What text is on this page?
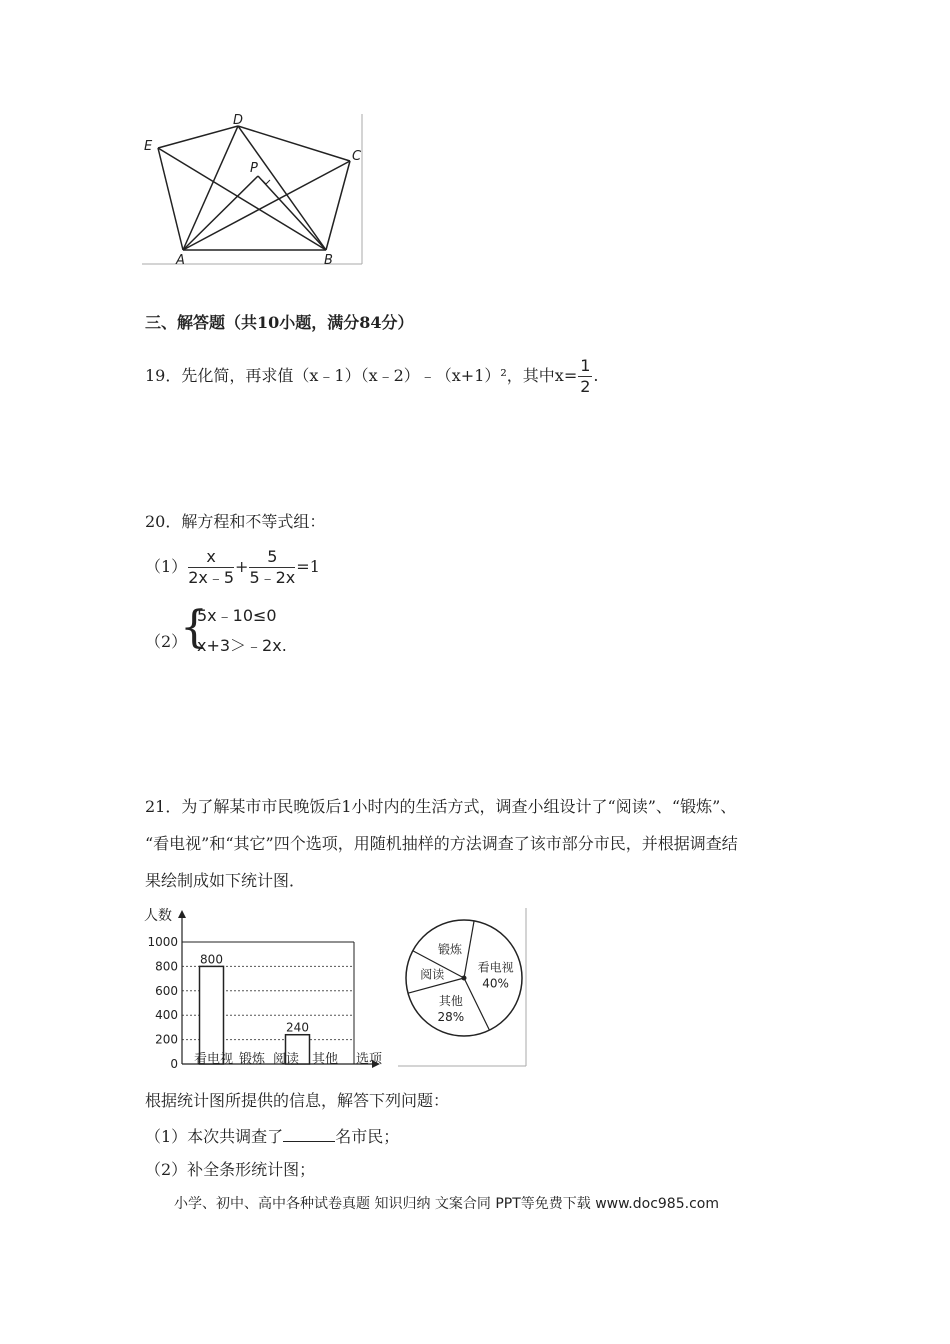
A	B
C
D
E
P
三、解答题（共10小题，满分84分）
19．先化简，再求值（x﹣1）（x﹣2）﹣（x+1）²，其中$x= \frac{1}{2}$ .
20．解方程和不等式组：
$(1) \frac{x}{2x﹣5} + \frac{5}{5﹣2x} =1$
（2）
{
5x﹣10≤0
x+3＞﹣2x.
21．为了解某市市民晚饭后1小时内的生活方式，调查小组设计了“阅读”、“锻炼”、
“看电视”和“其它”四个选项，用随机抽样的方法调查了该市部分市民，并根据调查结
果绘制成如下统计图．
人数
0
200
400
600
800
1000
800
240
看电视 锻炼 阅读 其他 选项
看电视
40%
其他
28%
阅读
锻炼
根据统计图所提供的信息，解答下列问题：
（1）本次共调查了	名市民；
（2）补全条形统计图；
小学、初中、高中各种试卷真题 知识归纳 文案合同 PPT等免费下载 www.doc985.com
